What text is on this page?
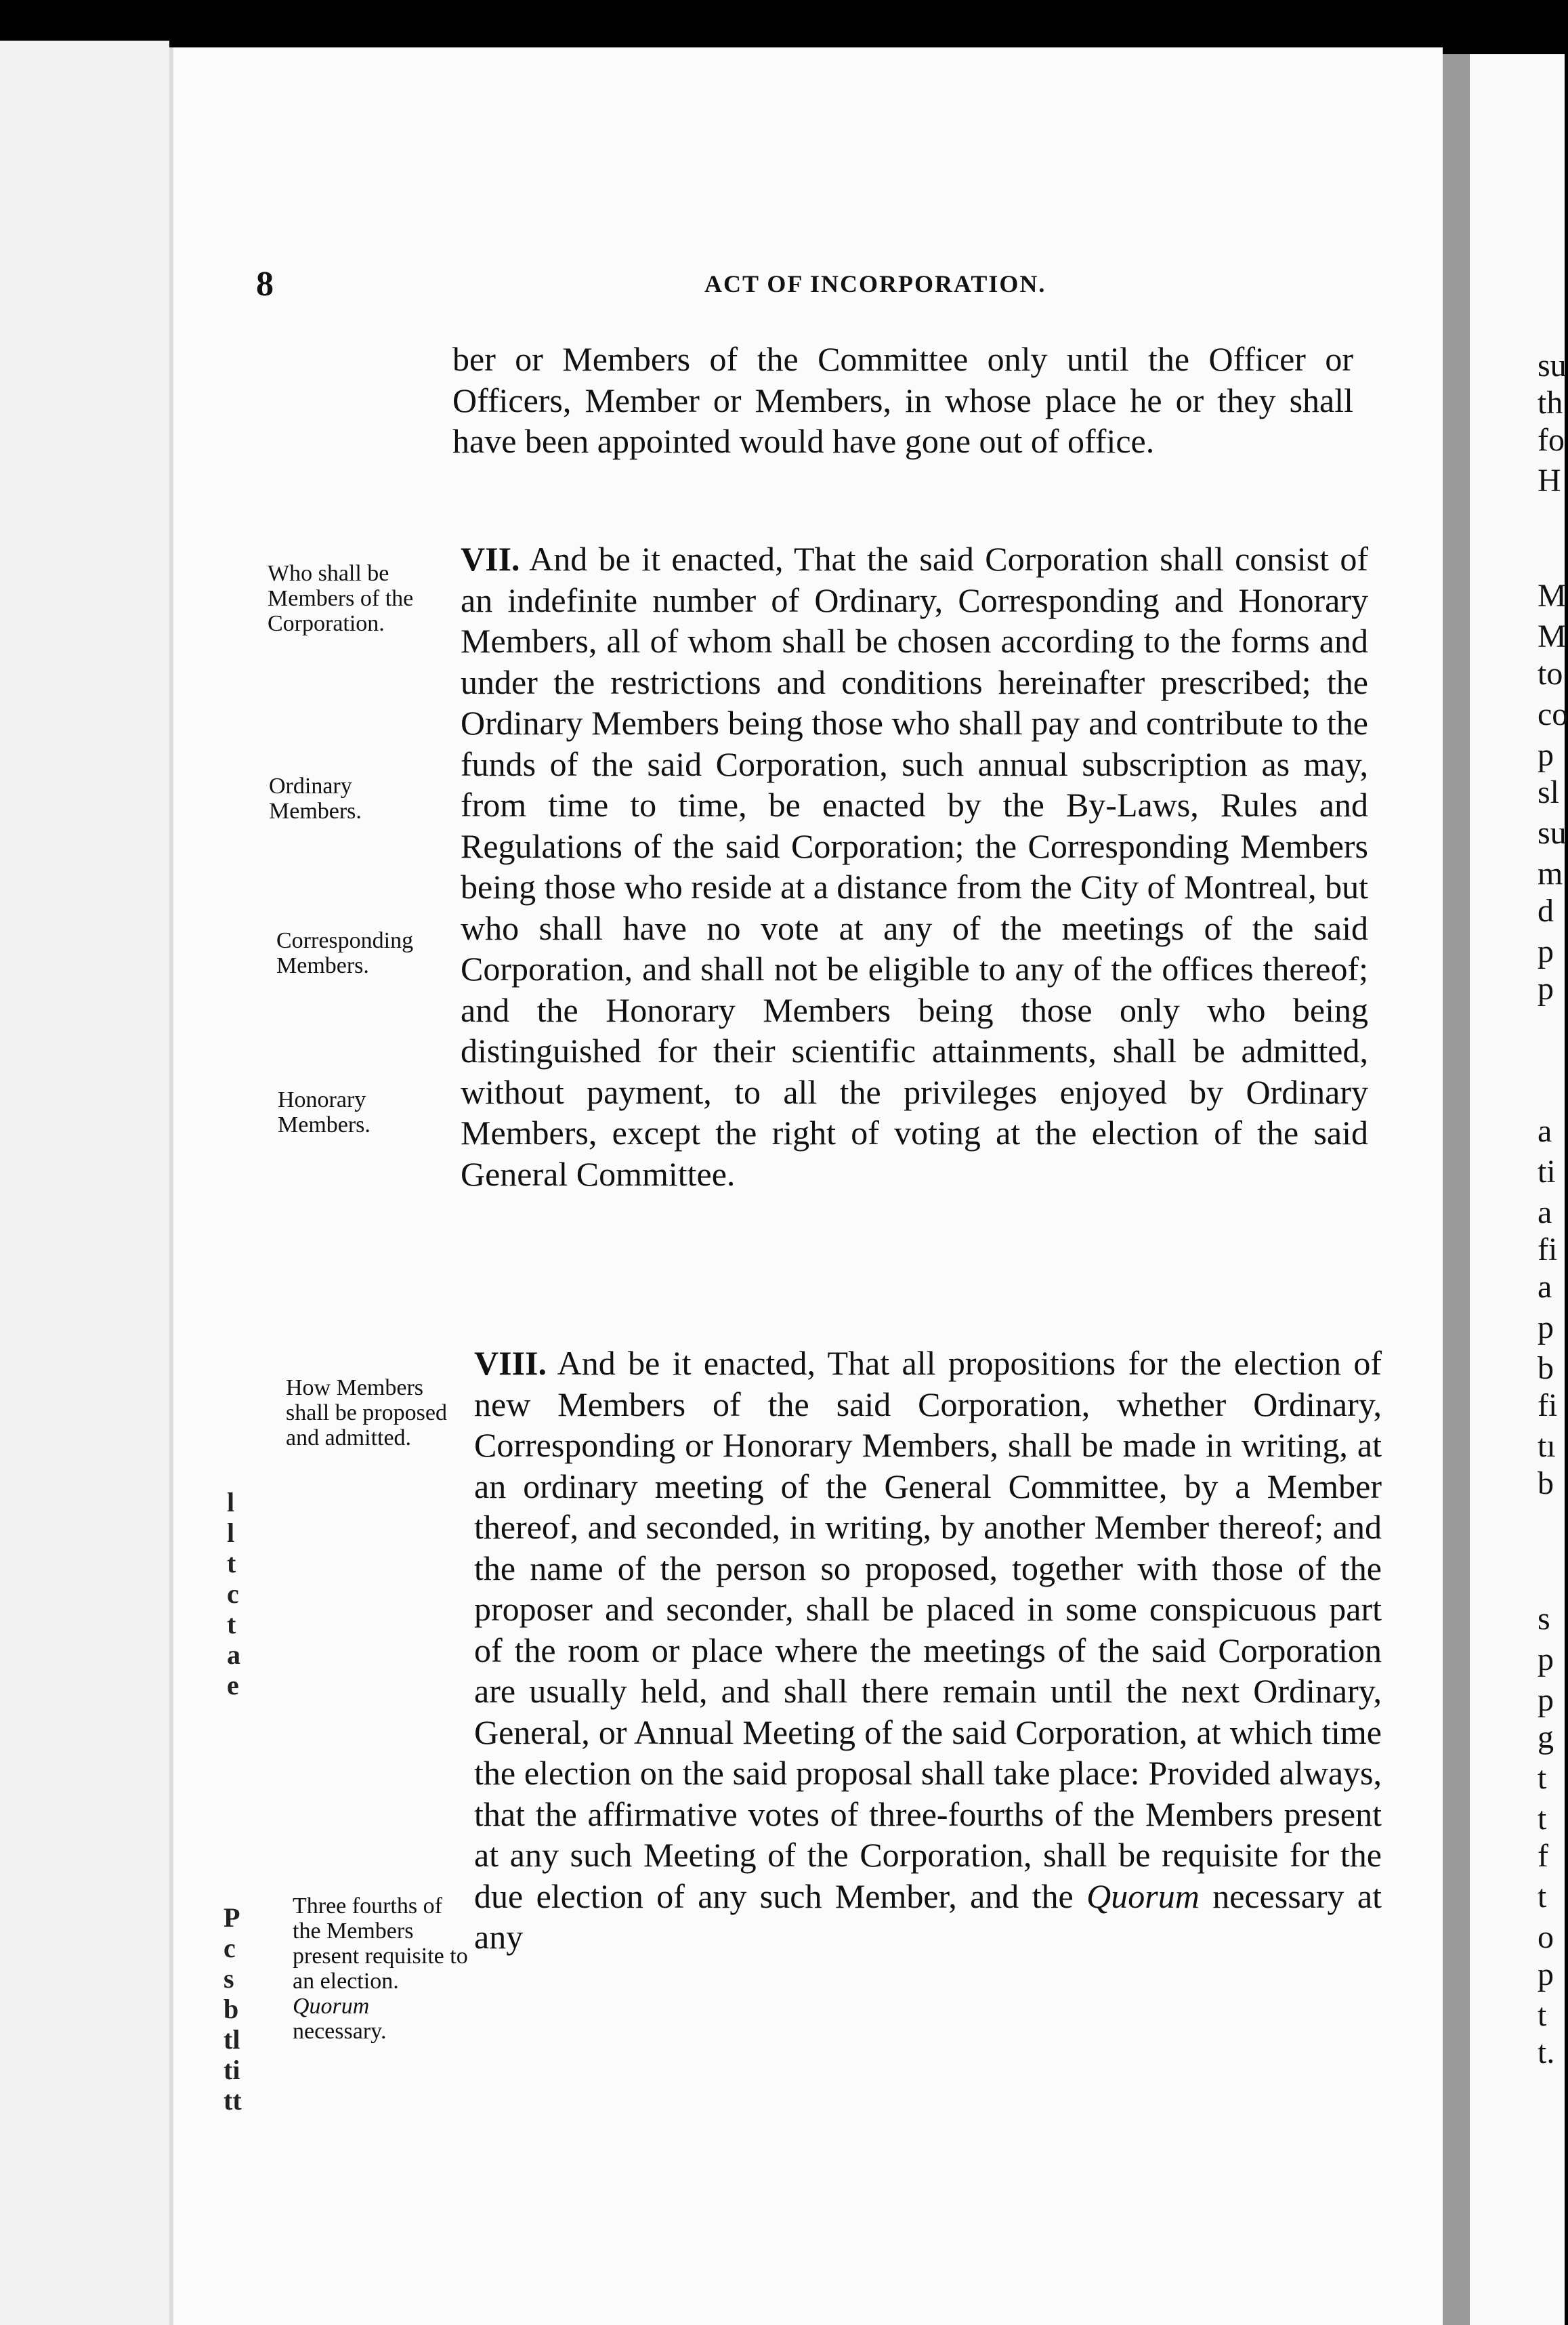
8	ACT OF INCORPORATION.

ber or Members of the Committee only until the Officer or Officers, Member or Members, in whose place he or they shall have been appointed would have gone out of office.

VII. And be it enacted, That the said Corporation shall consist of an indefinite number of Ordinary, Corresponding and Honorary Members, all of whom shall be chosen according to the forms and under the restrictions and conditions hereinafter prescribed; the Ordinary Members being those who shall pay and contribute to the funds of the said Corporation, such annual subscription as may, from time to time, be enacted by the By-Laws, Rules and Regulations of the said Corporation; the Corresponding Members being those who reside at a distance from the City of Montreal, but who shall have no vote at any of the meetings of the said Corporation, and shall not be eligible to any of the offices thereof; and the Honorary Members being those only who being distinguished for their scientific attainments, shall be admitted, without payment, to all the privileges enjoyed by Ordinary Members, except the right of voting at the election of the said General Committee.

VIII. And be it enacted, That all propositions for the election of new Members of the said Corporation, whether Ordinary, Corresponding or Honorary Members, shall be made in writing, at an ordinary meeting of the General Committee, by a Member thereof, and seconded, in writing, by another Member thereof; and the name of the person so proposed, together with those of the proposer and seconder, shall be placed in some conspicuous part of the room or place where the meetings of the said Corporation are usually held, and shall there remain until the next Ordinary, General, or Annual Meeting of the said Corporation, at which time the election on the said proposal shall take place: Provided always, that the affirmative votes of three-fourths of the Members present at any such Meeting of the Corporation, shall be requisite for the due election of any such Member, and the Quorum necessary at any

Who shall be Members of the Corporation.
Ordinary Members.
Corresponding Members.
Honorary Members.
How Members shall be proposed and admitted.
Three fourths of the Members present requisite to an election. Quorum necessary.
l
l
t
c
t
a
e
P
c
s
b
tl
ti
tt
su
th
fo
H
M
M
to
co
p
sl
su
m
d
p
p
a
ti
a
fi
a
p
b
fi
tı
b
s
p
p
g
t
t
f
t
o
p
t
t.
